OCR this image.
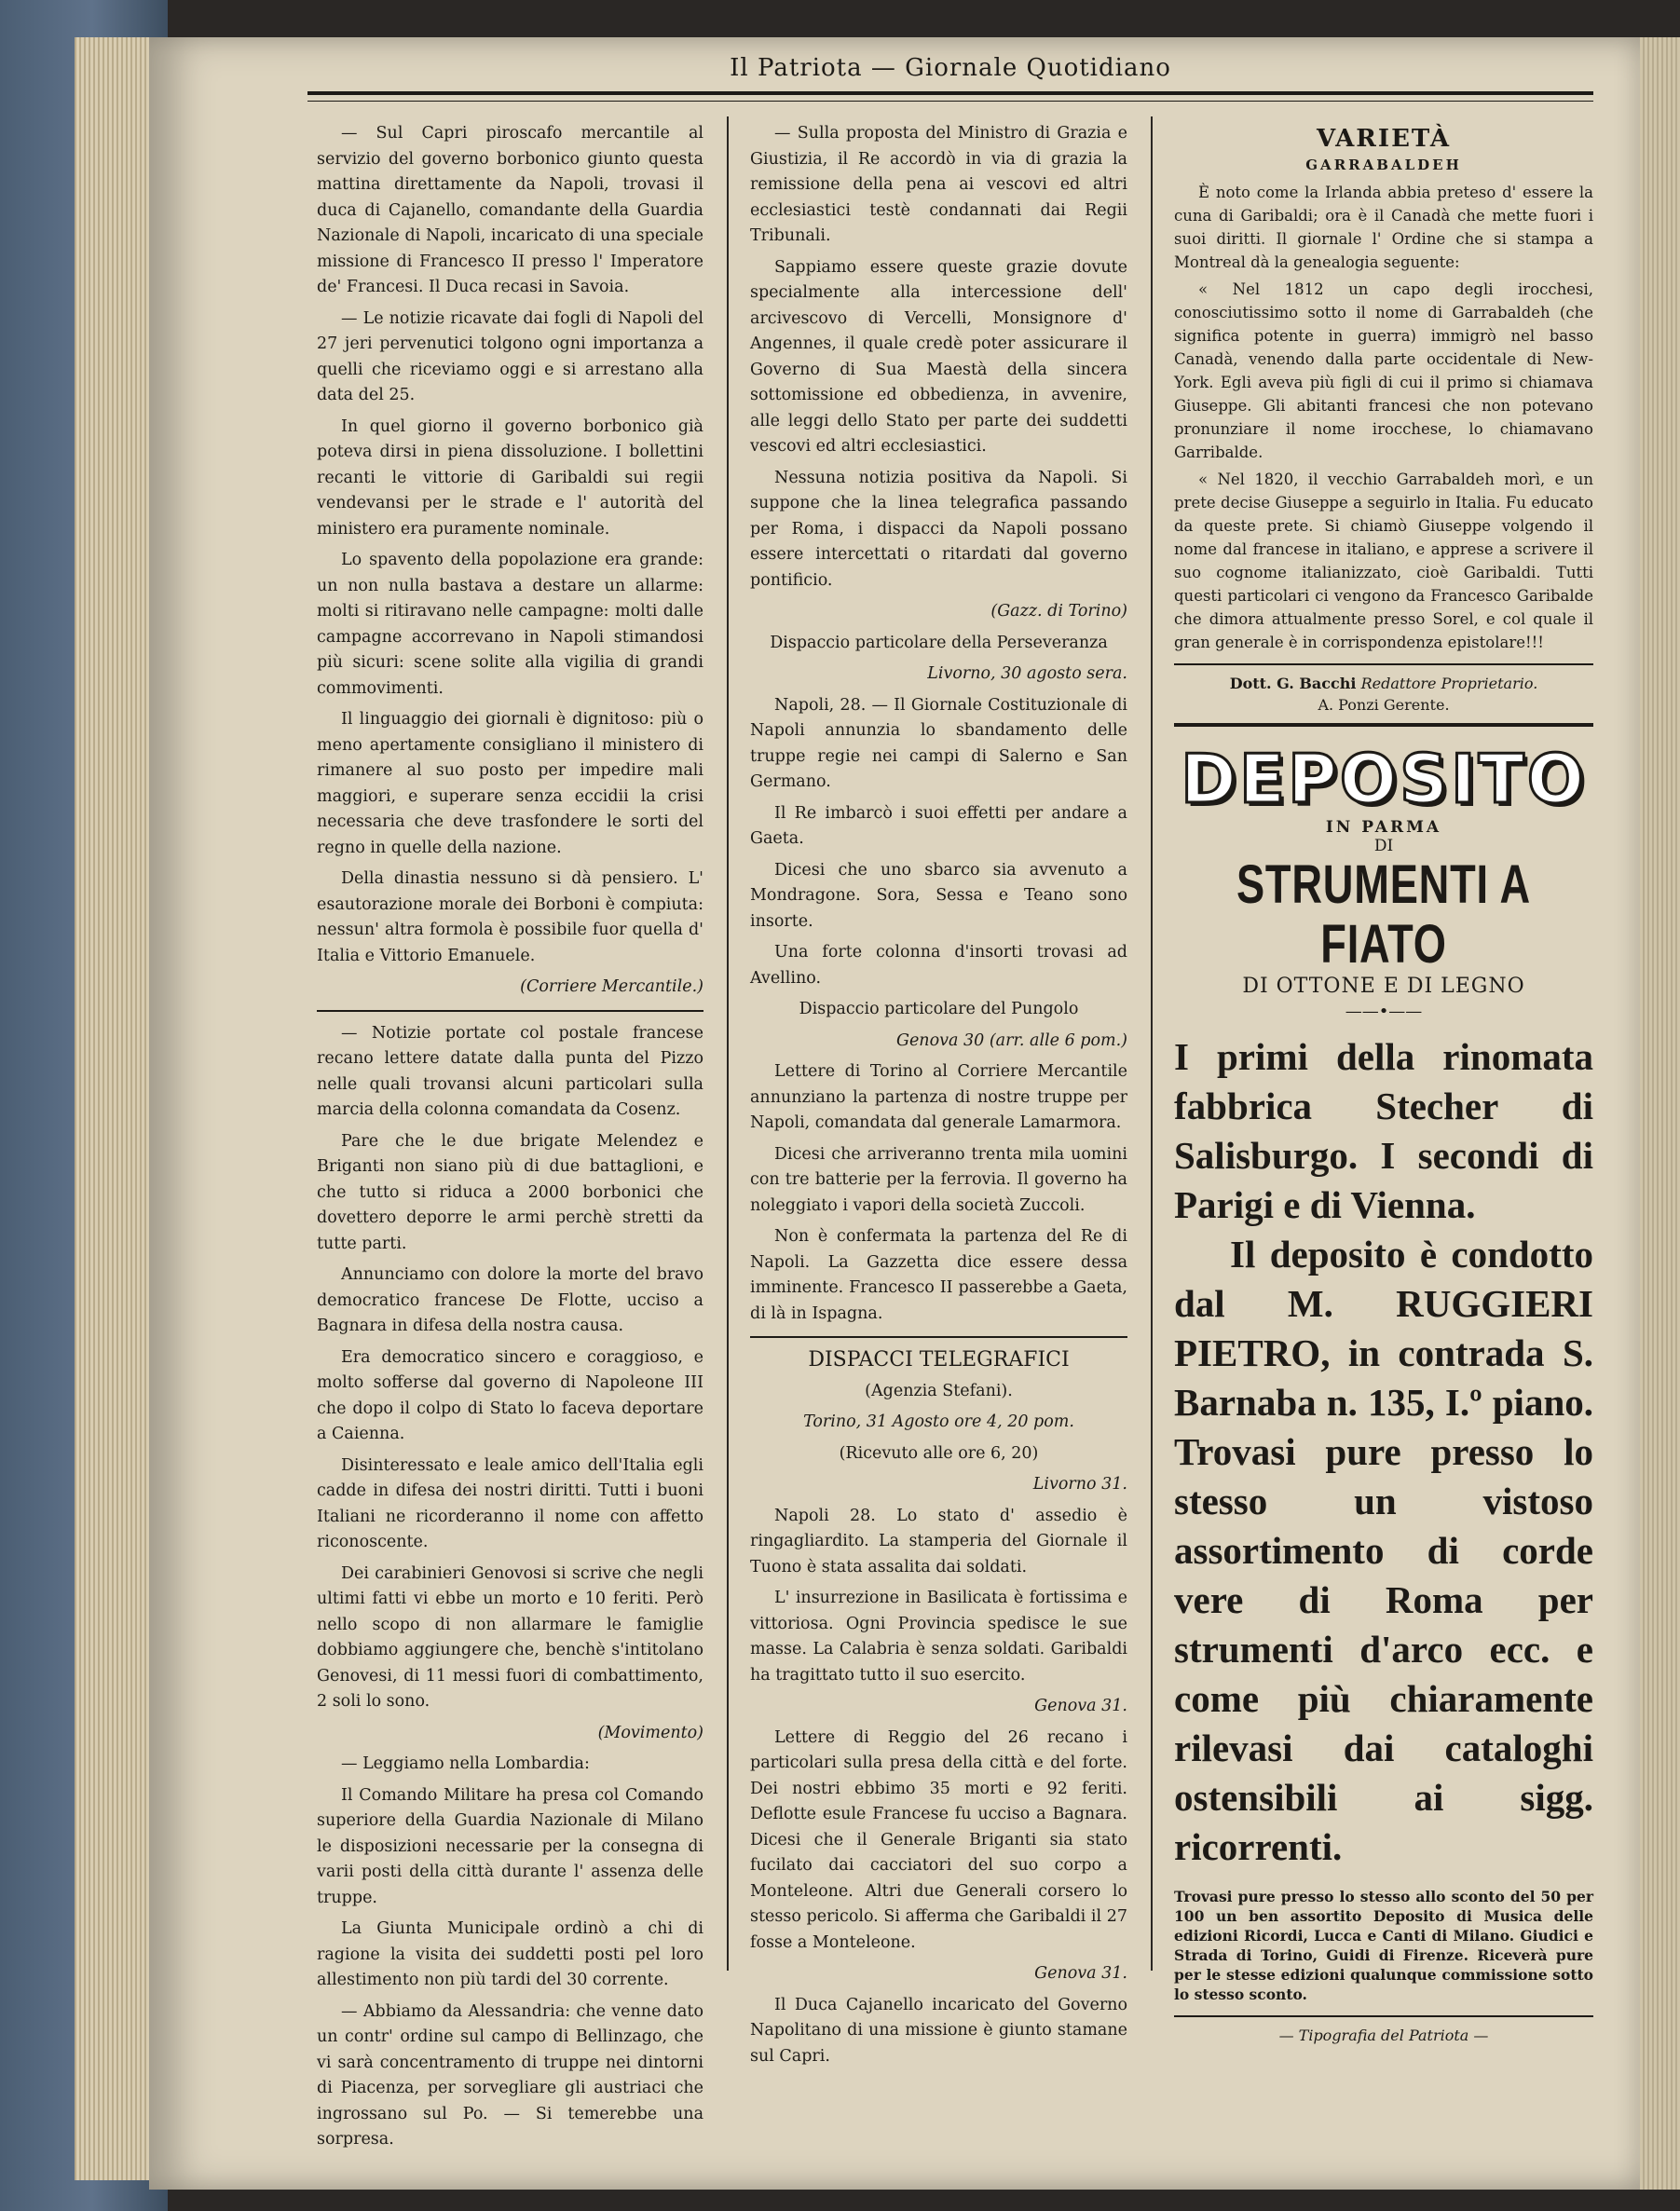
Il Patriota — Giornale Quotidiano

— Sul Capri piroscafo mercantile al servizio del governo borbonico giunto questa mattina direttamente da Napoli, trovasi il duca di Cajanello, comandante della Guardia Nazionale di Napoli, incaricato di una speciale missione di Francesco II presso l' Imperatore de' Francesi. Il Duca recasi in Savoia.

— Le notizie ricavate dai fogli di Napoli del 27 jeri pervenutici tolgono ogni importanza a quelli che riceviamo oggi e si arrestano alla data del 25.

In quel giorno il governo borbonico già poteva dirsi in piena dissoluzione. I bollettini recanti le vittorie di Garibaldi sui regii vendevansi per le strade e l' autorità del ministero era puramente nominale.

Lo spavento della popolazione era grande: un non nulla bastava a destare un allarme: molti si ritiravano nelle campagne: molti dalle campagne accorrevano in Napoli stimandosi più sicuri: scene solite alla vigilia di grandi commovimenti.

Il linguaggio dei giornali è dignitoso: più o meno apertamente consigliano il ministero di rimanere al suo posto per impedire mali maggiori, e superare senza eccidii la crisi necessaria che deve trasfondere le sorti del regno in quelle della nazione.

Della dinastia nessuno si dà pensiero. L' esautorazione morale dei Borboni è compiuta: nessun' altra formola è possibile fuor quella d' Italia e Vittorio Emanuele.

(Corriere Mercantile.)

— Notizie portate col postale francese recano lettere datate dalla punta del Pizzo nelle quali trovansi alcuni particolari sulla marcia della colonna comandata da Cosenz.

Pare che le due brigate Melendez e Briganti non siano più di due battaglioni, e che tutto si riduca a 2000 borbonici che dovettero deporre le armi perchè stretti da tutte parti.

Annunciamo con dolore la morte del bravo democratico francese De Flotte, ucciso a Bagnara in difesa della nostra causa.

Era democratico sincero e coraggioso, e molto sofferse dal governo di Napoleone III che dopo il colpo di Stato lo faceva deportare a Caienna.

Disinteressato e leale amico dell'Italia egli cadde in difesa dei nostri diritti. Tutti i buoni Italiani ne ricorderanno il nome con affetto riconoscente.

Dei carabinieri Genovosi si scrive che negli ultimi fatti vi ebbe un morto e 10 feriti. Però nello scopo di non allarmare le famiglie dobbiamo aggiungere che, benchè s'intitolano Genovesi, di 11 messi fuori di combattimento, 2 soli lo sono.

(Movimento)

— Leggiamo nella Lombardia:

Il Comando Militare ha presa col Comando superiore della Guardia Nazionale di Milano le disposizioni necessarie per la consegna di varii posti della città durante l' assenza delle truppe.

La Giunta Municipale ordinò a chi di ragione la visita dei suddetti posti pel loro allestimento non più tardi del 30 corrente.

— Abbiamo da Alessandria: che venne dato un contr' ordine sul campo di Bellinzago, che vi sarà concentramento di truppe nei dintorni di Piacenza, per sorvegliare gli austriaci che ingrossano sul Po. — Si temerebbe una sorpresa.

— Sulla proposta del Ministro di Grazia e Giustizia, il Re accordò in via di grazia la remissione della pena ai vescovi ed altri ecclesiastici testè condannati dai Regii Tribunali.

Sappiamo essere queste grazie dovute specialmente alla intercessione dell' arcivescovo di Vercelli, Monsignore d' Angennes, il quale credè poter assicurare il Governo di Sua Maestà della sincera sottomissione ed obbedienza, in avvenire, alle leggi dello Stato per parte dei suddetti vescovi ed altri ecclesiastici.

Nessuna notizia positiva da Napoli. Si suppone che la linea telegrafica passando per Roma, i dispacci da Napoli possano essere intercettati o ritardati dal governo pontificio.

(Gazz. di Torino)

Dispaccio particolare della Perseveranza

Livorno, 30 agosto sera.

Napoli, 28. — Il Giornale Costituzionale di Napoli annunzia lo sbandamento delle truppe regie nei campi di Salerno e San Germano.

Il Re imbarcò i suoi effetti per andare a Gaeta.

Dicesi che uno sbarco sia avvenuto a Mondragone. Sora, Sessa e Teano sono insorte.

Una forte colonna d'insorti trovasi ad Avellino.

Dispaccio particolare del Pungolo

Genova 30 (arr. alle 6 pom.)

Lettere di Torino al Corriere Mercantile annunziano la partenza di nostre truppe per Napoli, comandata dal generale Lamarmora.

Dicesi che arriveranno trenta mila uomini con tre batterie per la ferrovia. Il governo ha noleggiato i vapori della società Zuccoli.

Non è confermata la partenza del Re di Napoli. La Gazzetta dice essere dessa imminente. Francesco II passerebbe a Gaeta, di là in Ispagna.

DISPACCI TELEGRAFICI

(Agenzia Stefani).

Torino, 31 Agosto ore 4, 20 pom.

(Ricevuto alle ore 6, 20)

Livorno 31.

Napoli 28. Lo stato d' assedio è ringagliardito. La stamperia del Giornale il Tuono è stata assalita dai soldati.

L' insurrezione in Basilicata è fortissima e vittoriosa. Ogni Provincia spedisce le sue masse. La Calabria è senza soldati. Garibaldi ha tragittato tutto il suo esercito.

Genova 31.

Lettere di Reggio del 26 recano i particolari sulla presa della città e del forte. Dei nostri ebbimo 35 morti e 92 feriti. Deflotte esule Francese fu ucciso a Bagnara. Dicesi che il Generale Briganti sia stato fucilato dai cacciatori del suo corpo a Monteleone. Altri due Generali corsero lo stesso pericolo. Si afferma che Garibaldi il 27 fosse a Monteleone.

Genova 31.

Il Duca Cajanello incaricato del Governo Napolitano di una missione è giunto stamane sul Capri.

VARIETÀ
GARRABALDEH

È noto come la Irlanda abbia preteso d' essere la cuna di Garibaldi; ora è il Canadà che mette fuori i suoi diritti. Il giornale l' Ordine che si stampa a Montreal dà la genealogia seguente:

« Nel 1812 un capo degli irocchesi, conosciutissimo sotto il nome di Garrabaldeh (che significa potente in guerra) immigrò nel basso Canadà, venendo dalla parte occidentale di New-York. Egli aveva più figli di cui il primo si chiamava Giuseppe. Gli abitanti francesi che non potevano pronunziare il nome irocchese, lo chiamavano Garribalde.

« Nel 1820, il vecchio Garrabaldeh morì, e un prete decise Giuseppe a seguirlo in Italia. Fu educato da queste prete. Si chiamò Giuseppe volgendo il nome dal francese in italiano, e apprese a scrivere il suo cognome italianizzato, cioè Garibaldi. Tutti questi particolari ci vengono da Francesco Garibalde che dimora attualmente presso Sorel, e col quale il gran generale è in corrispondenza epistolare!!!

Dott. G. Bacchi Redattore Proprietario.
A. Ponzi Gerente.
DEPOSITO
IN PARMA
DI
STRUMENTI A FIATO
DI OTTONE E DI LEGNO
——•——

I primi della rinomata fabbrica Stecher di Salisburgo. I secondi di Parigi e di Vienna.

Il deposito è condotto dal M. RUGGIERI PIETRO, in contrada S. Barnaba n. 135, I.º piano. Trovasi pure presso lo stesso un vistoso assortimento di corde vere di Roma per strumenti d'arco ecc. e come più chiaramente rilevasi dai cataloghi ostensibili ai sigg. ricorrenti.

Trovasi pure presso lo stesso allo sconto del 50 per 100 un ben assortito Deposito di Musica delle edizioni Ricordi, Lucca e Canti di Milano. Giudici e Strada di Torino, Guidi di Firenze. Riceverà pure per le stesse edizioni qualunque commissione sotto lo stesso sconto.
— Tipografia del Patriota —
